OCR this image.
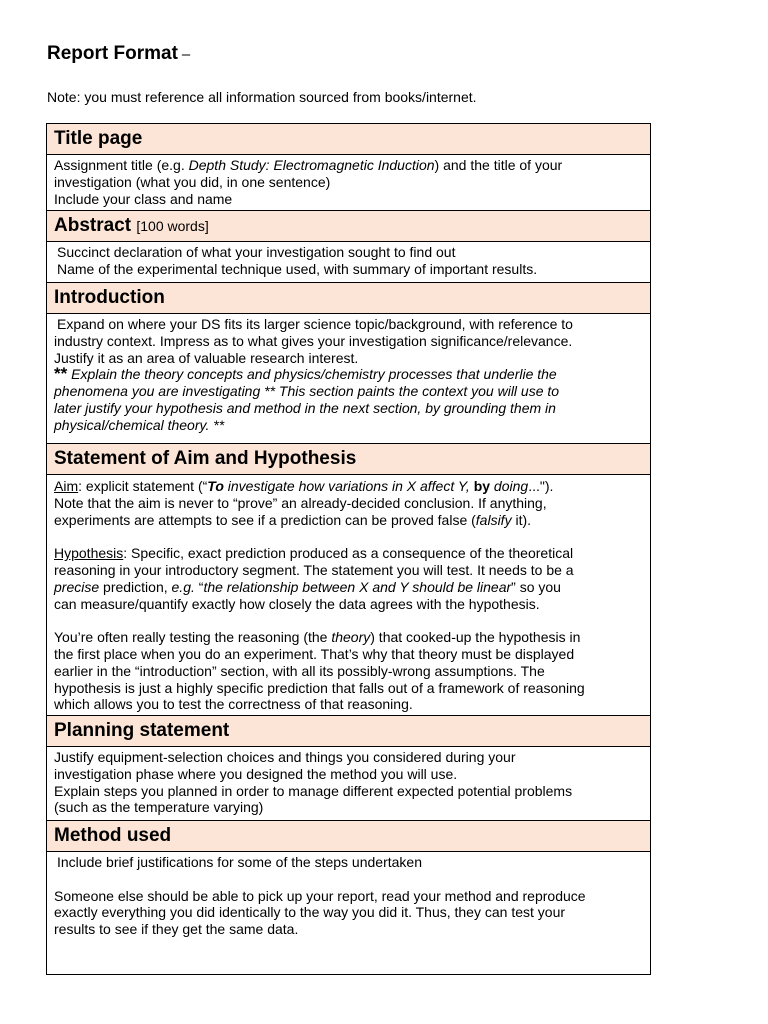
Report Format –
Note: you must reference all information sourced from books/internet.
Title page

Assignment title (e.g. Depth Study: Electromagnetic Induction) and the title of your

investigation (what you did, in one sentence)

Include your class and name

Abstract [100 words]

Succinct declaration of what your investigation sought to find out

Name of the experimental technique used, with summary of important results.

Introduction

Expand on where your DS fits its larger science topic/background, with reference to

industry context. Impress as to what gives your investigation significance/relevance.

Justify it as an area of valuable research interest.

** Explain the theory concepts and physics/chemistry processes that underlie the

phenomena you are investigating ** This section paints the context you will use to

later justify your hypothesis and method in the next section, by grounding them in

physical/chemical theory. **

Statement of Aim and Hypothesis

Aim: explicit statement (“To investigate how variations in X affect Y, by doing...").

Note that the aim is never to “prove” an already-decided conclusion. If anything,

experiments are attempts to see if a prediction can be proved false (falsify it).

Hypothesis: Specific, exact prediction produced as a consequence of the theoretical

reasoning in your introductory segment. The statement you will test. It needs to be a

precise prediction, e.g. “the relationship between X and Y should be linear” so you

can measure/quantify exactly how closely the data agrees with the hypothesis.

You’re often really testing the reasoning (the theory) that cooked-up the hypothesis in

the first place when you do an experiment. That’s why that theory must be displayed

earlier in the “introduction” section, with all its possibly-wrong assumptions. The

hypothesis is just a highly specific prediction that falls out of a framework of reasoning

which allows you to test the correctness of that reasoning.

Planning statement

Justify equipment-selection choices and things you considered during your

investigation phase where you designed the method you will use.

Explain steps you planned in order to manage different expected potential problems

(such as the temperature varying)

Method used

Include brief justifications for some of the steps undertaken

Someone else should be able to pick up your report, read your method and reproduce

exactly everything you did identically to the way you did it. Thus, they can test your

results to see if they get the same data.
